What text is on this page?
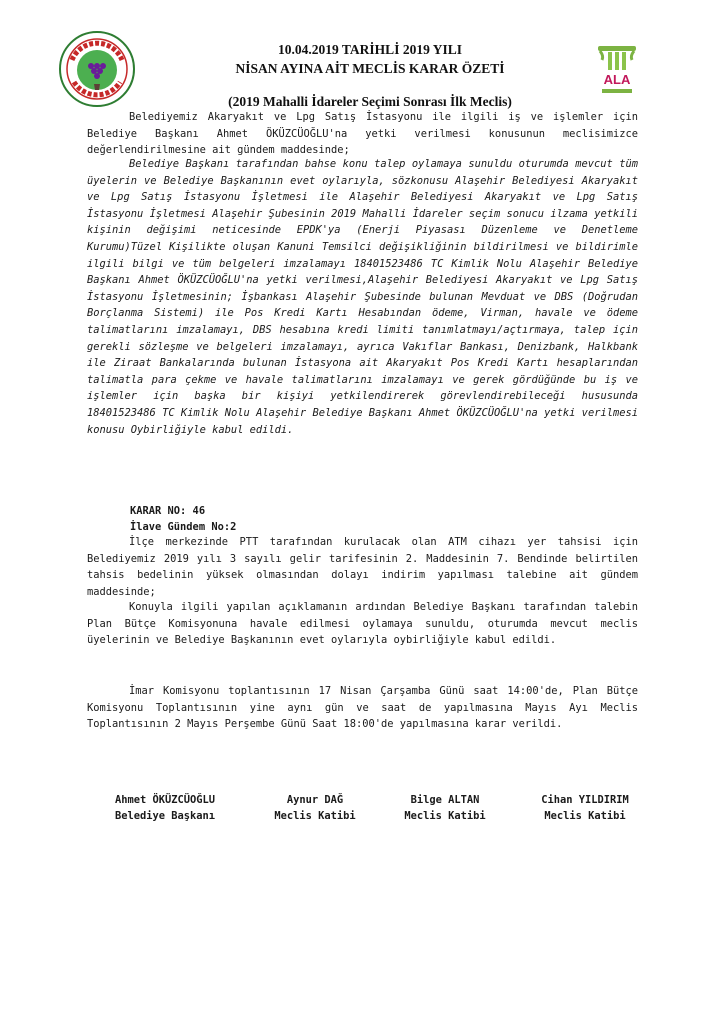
ALA
10.04.2019 TARİHLİ 2019 YILI
NİSAN AYINA AİT MECLİS KARAR ÖZETİ
(2019 Mahalli İdareler Seçimi Sonrası İlk Meclis)

Belediyemiz Akaryakıt ve Lpg Satış İstasyonu ile ilgili iş ve işlemler için Belediye Başkanı Ahmet ÖKÜZCÜOĞLU'na yetki verilmesi konusunun meclisimizce değerlendirilmesine ait gündem maddesinde;

Belediye Başkanı tarafından bahse konu talep oylamaya sunuldu oturumda mevcut tüm üyelerin ve Belediye Başkanının evet oylarıyla, sözkonusu Alaşehir Belediyesi Akaryakıt ve Lpg Satış İstasyonu İşletmesi ile Alaşehir Belediyesi Akaryakıt ve Lpg Satış İstasyonu İşletmesi Alaşehir Şubesinin 2019 Mahalli İdareler seçim sonucu ilzama yetkili kişinin değişimi neticesinde EPDK'ya (Enerji Piyasası Düzenleme ve Denetleme Kurumu)Tüzel Kişilikte oluşan Kanuni Temsilci değişikliğinin bildirilmesi ve bildirimle ilgili bilgi ve tüm belgeleri imzalamayı 18401523486 TC Kimlik Nolu Alaşehir Belediye Başkanı Ahmet ÖKÜZCÜOĞLU'na yetki verilmesi,Alaşehir Belediyesi Akaryakıt ve Lpg Satış İstasyonu İşletmesinin; İşbankası Alaşehir Şubesinde bulunan Mevduat ve DBS (Doğrudan Borçlanma Sistemi) ile Pos Kredi Kartı Hesabından ödeme, Virman, havale ve ödeme talimatlarını imzalamayı, DBS hesabına kredi limiti tanımlatmayı/açtırmaya, talep için gerekli sözleşme ve belgeleri imzalamayı, ayrıca Vakıflar Bankası, Denizbank, Halkbank ile Ziraat Bankalarında bulunan İstasyona ait Akaryakıt Pos Kredi Kartı hesaplarından talimatla para çekme ve havale talimatlarını imzalamayı ve gerek gördüğünde bu iş ve işlemler için başka bir kişiyi yetkilendirerek görevlendirebileceği hususunda 18401523486 TC Kimlik Nolu Alaşehir Belediye Başkanı Ahmet ÖKÜZCÜOĞLU'na yetki verilmesi konusu Oybirliğiyle kabul edildi.

KARAR NO: 46
İlave Gündem No:2

İlçe merkezinde PTT tarafından kurulacak olan ATM cihazı yer tahsisi için Belediyemiz 2019 yılı 3 sayılı gelir tarifesinin 2. Maddesinin 7. Bendinde belirtilen tahsis bedelinin yüksek olmasından dolayı indirim yapılması talebine ait gündem maddesinde;

Konuyla ilgili yapılan açıklamanın ardından Belediye Başkanı tarafından talebin Plan Bütçe Komisyonuna havale edilmesi oylamaya sunuldu, oturumda mevcut meclis üyelerinin ve Belediye Başkanının evet oylarıyla oybirliğiyle kabul edildi.

İmar Komisyonu toplantısının 17 Nisan Çarşamba Günü saat 14:00'de, Plan Bütçe Komisyonu Toplantısının yine aynı gün ve saat de yapılmasına Mayıs Ayı Meclis Toplantısının 2 Mayıs Perşembe Günü Saat 18:00'de yapılmasına karar verildi.

Ahmet ÖKÜZCÜOĞLU
Belediye Başkanı
Aynur DAĞ
Meclis Katibi
Bilge ALTAN
Meclis Katibi
Cihan YILDIRIM
Meclis Katibi
